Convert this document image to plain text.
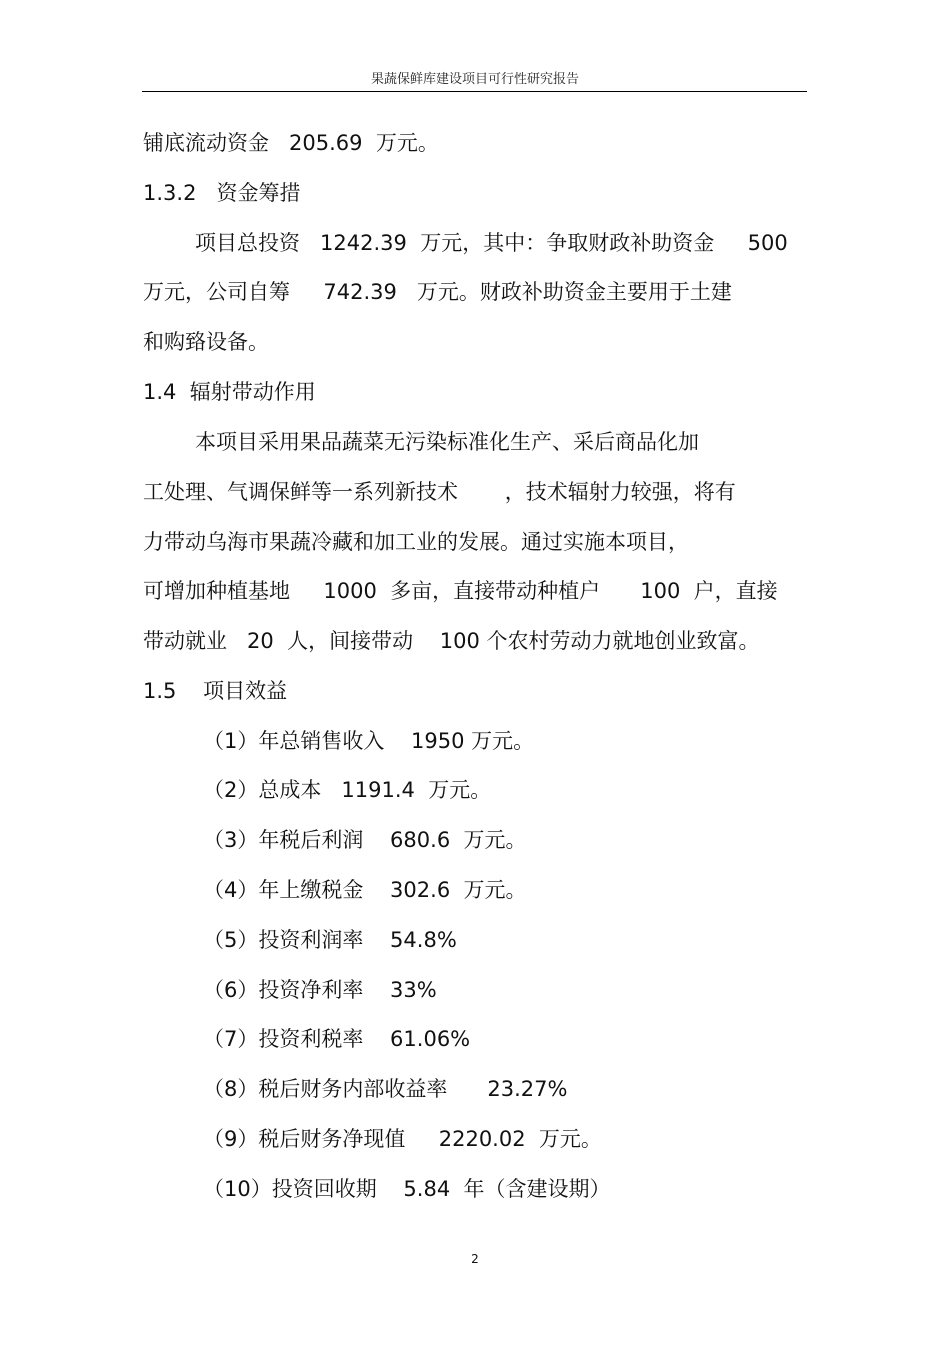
果蔬保鲜库建设项目可行性研究报告
铺底流动资金   205.69  万元。
1.3.2   资金筹措
项目总投资   1242.39  万元，其中：争取财政补助资金     500
万元，公司自筹     742.39   万元。财政补助资金主要用于土建
和购臵设备。
1.4  辐射带动作用
本项目采用果品蔬菜无污染标准化生产、采后商品化加
工处理、气调保鲜等一系列新技术       ，技术辐射力较强，将有
力带动乌海市果蔬冷藏和加工业的发展。通过实施本项目，
可增加种植基地     1000  多亩，直接带动种植户      100  户，直接
带动就业   20  人，间接带动    100 个农村劳动力就地创业致富。
1.5    项目效益
（1）年总销售收入    1950 万元。
（2）总成本   1191.4  万元。
（3）年税后利润    680.6  万元。
（4）年上缴税金    302.6  万元。
（5）投资利润率    54.8%
（6）投资净利率    33%
（7）投资利税率    61.06%
（8）税后财务内部收益率      23.27%
（9）税后财务净现值     2220.02  万元。
（10）投资回收期    5.84  年（含建设期）
2
